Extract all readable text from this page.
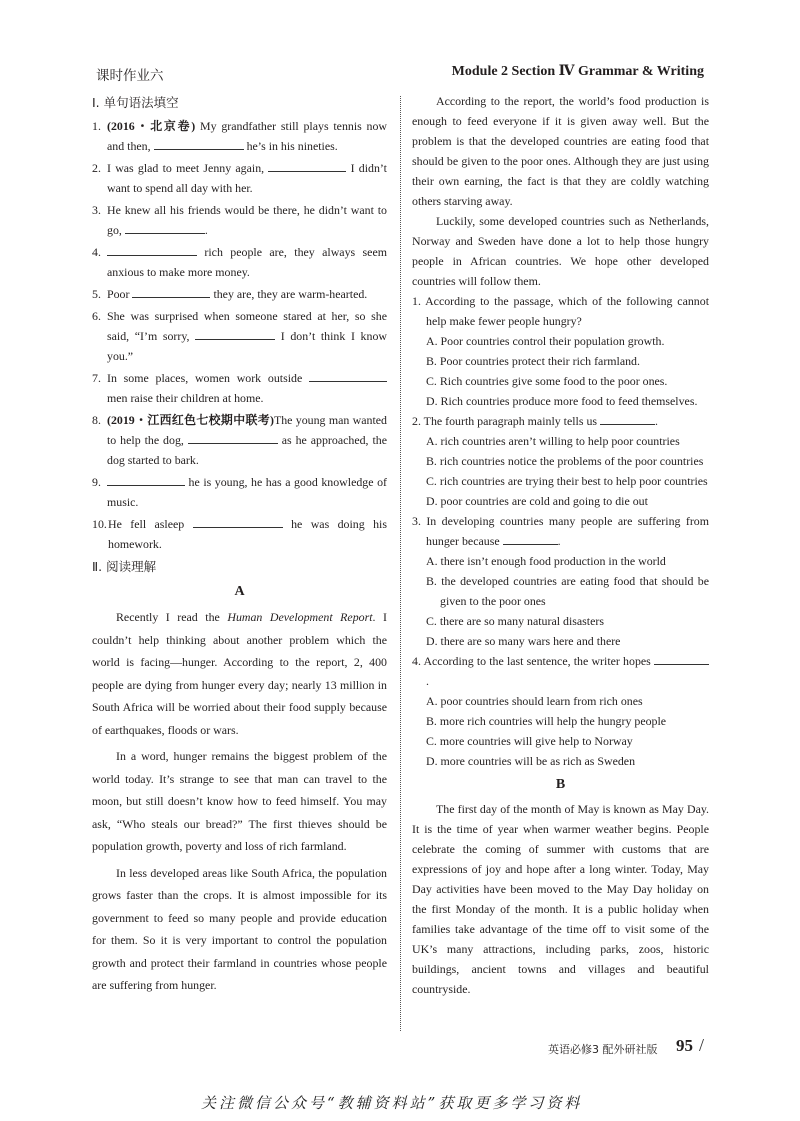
课时作业六	Module 2 Section Ⅳ Grammar & Writing
Ⅰ. 单句语法填空
1. (2016・北京卷) My grandfather still plays tennis now and then,	he’s in his nineties.
2. I was glad to meet Jenny again,	I didn’t want to spend all day with her.
3. He knew all his friends would be there, he didn’t want to go,	.
4.	rich people are, they always seem anxious to make more money.
5. Poor	they are, they are warm-hearted.
6. She was surprised when someone stared at her, so she said, “I’m sorry,	I don’t think I know you.”
7. In some places, women work outside  men raise their children at home.
8. (2019・江西红色七校期中联考)The young man wanted to help the dog,	as he approached, the dog started to bark.
9.	he is young, he has a good knowledge of music.
10. He fell asleep	he was doing his homework.
Ⅱ. 阅读理解
A

Recently I read the Human Development Report. I couldn’t help thinking about another problem which the world is facing—hunger. According to the report, 2, 400 people are dying from hunger every day; nearly 13 million in South Africa will be worried about their food supply because of earthquakes, floods or wars.

In a word, hunger remains the biggest problem of the world today. It’s strange to see that man can travel to the moon, but still doesn’t know how to feed himself. You may ask, “Who steals our bread?” The first thieves should be population growth, poverty and loss of rich farmland.

In less developed areas like South Africa, the population grows faster than the crops. It is almost impossible for its government to feed so many people and provide education for them. So it is very important to control the population growth and protect their farmland in countries whose people are suffering from hunger.

According to the report, the world’s food production is enough to feed everyone if it is given away well. But the problem is that the developed countries are eating food that should be given to the poor ones. Although they are just using their own earning, the fact is that they are coldly watching others starving away.

Luckily, some developed countries such as Netherlands, Norway and Sweden have done a lot to help those hungry people in African countries. We hope other developed countries will follow them.

1. According to the passage, which of the following cannot help make fewer people hungry?

A. Poor countries control their population growth.

B. Poor countries protect their rich farmland.

C. Rich countries give some food to the poor ones.

D. Rich countries produce more food to feed themselves.

2. The fourth paragraph mainly tells us	.

A. rich countries aren’t willing to help poor countries

B. rich countries notice the problems of the poor countries

C. rich countries are trying their best to help poor countries

D. poor countries are cold and going to die out

3. In developing countries many people are suffering from hunger because	.

A. there isn’t enough food production in the world

B. the developed countries are eating food that should be given to the poor ones

C. there are so many natural disasters

D. there are so many wars here and there

4. According to the last sentence, the writer hopes .

A. poor countries should learn from rich ones

B. more rich countries will help the hungry people

C. more countries will give help to Norway

D. more countries will be as rich as Sweden

B

The first day of the month of May is known as May Day. It is the time of year when warmer weather begins. People celebrate the coming of summer with customs that are expressions of joy and hope after a long winter. Today, May Day activities have been moved to the May Day holiday on the first Monday of the month. It is a public holiday when families take advantage of the time off to visit some of the UK’s many attractions, including parks, zoos, historic buildings, ancient towns and villages and beautiful countryside.

英语必修3 配外研社版 95 /
关注微信公众号“教辅资料站”获取更多学习资料
